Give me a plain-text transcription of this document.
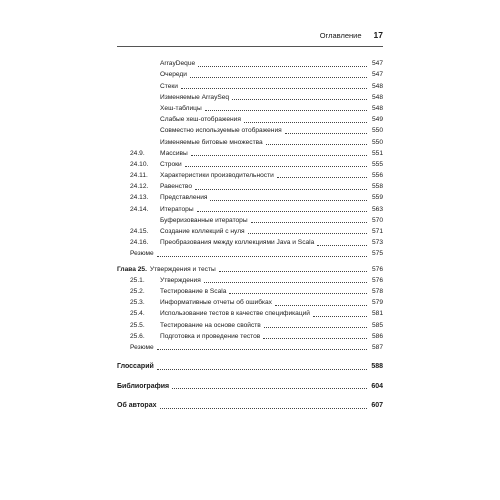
Оглавление 17
ArrayDeque	547
Очереди	547
Стеки	548
Изменяемые ArraySeq	548
Хеш-таблицы	548
Слабые хеш-отображения	549
Совместно используемые отображения	550
Изменяемые битовые множества	550
24.9.	Массивы	551
24.10.	Строки	555
24.11.	Характеристики производительности	556
24.12.	Равенство	558
24.13.	Представления	559
24.14.	Итераторы	563
Буферизованные итераторы	570
24.15.	Создание коллекций с нуля	571
24.16.	Преобразования между коллекциями Java и Scala	573
Резюме	575
Глава 25. Утверждения и тесты	576
25.1.	Утверждения	576
25.2.	Тестирование в Scala	578
25.3.	Информативные отчеты об ошибках	579
25.4.	Использование тестов в качестве спецификаций	581
25.5.	Тестирование на основе свойств	585
25.6.	Подготовка и проведение тестов	586
Резюме	587
Глоссарий	588
Библиография	604
Об авторах	607
